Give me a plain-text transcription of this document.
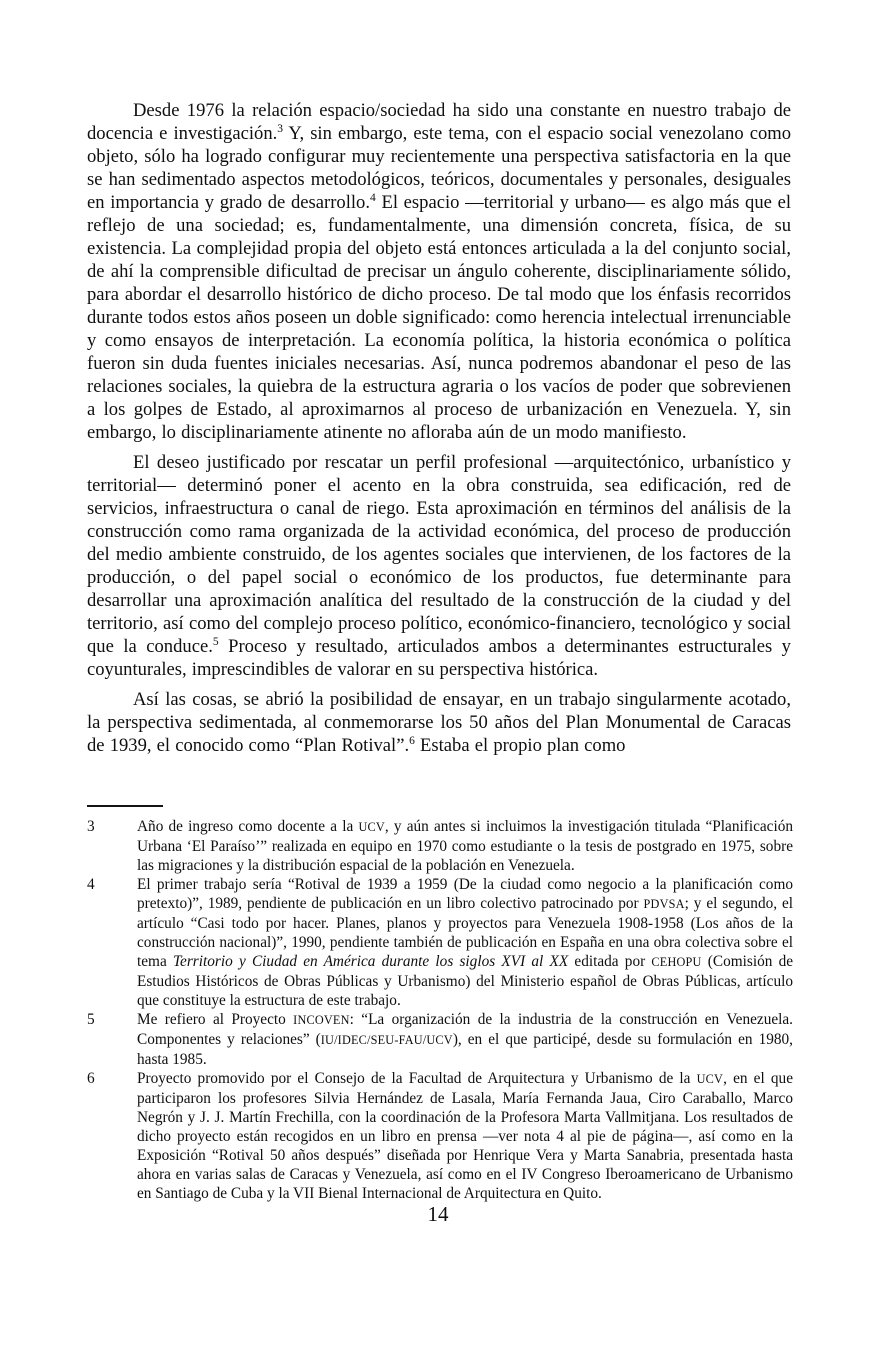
Desde 1976 la relación espacio/sociedad ha sido una constante en nuestro trabajo de docencia e investigación.$^3$ Y, sin embargo, este tema, con el espacio social venezolano como objeto, sólo ha logrado configurar muy recientemente una perspectiva satisfactoria en la que se han sedimentado aspectos metodológicos, teóricos, documentales y personales, desiguales en importancia y grado de desarrollo.$^4$ El espacio —territorial y urbano— es algo más que el reflejo de una sociedad; es, fundamentalmente, una dimensión concreta, física, de su existencia. La complejidad propia del objeto está entonces articulada a la del conjunto social, de ahí la comprensible dificultad de precisar un ángulo coherente, disciplinariamente sólido, para abordar el desarrollo histórico de dicho proceso. De tal modo que los énfasis recorridos durante todos estos años poseen un doble significado: como herencia intelectual irrenunciable y como ensayos de interpretación. La economía política, la historia económica o política fueron sin duda fuentes iniciales necesarias. Así, nunca podremos abandonar el peso de las relaciones sociales, la quiebra de la estructura agraria o los vacíos de poder que sobrevienen a los golpes de Estado, al aproximarnos al proceso de urbanización en Venezuela. Y, sin embargo, lo disciplinariamente atinente no afloraba aún de un modo manifiesto.

El deseo justificado por rescatar un perfil profesional —arquitectónico, urbanístico y territorial— determinó poner el acento en la obra construida, sea edificación, red de servicios, infraestructura o canal de riego. Esta aproximación en términos del análisis de la construcción como rama organizada de la actividad económica, del proceso de producción del medio ambiente construido, de los agentes sociales que intervienen, de los factores de la producción, o del papel social o económico de los productos, fue determinante para desarrollar una aproximación analítica del resultado de la construcción de la ciudad y del territorio, así como del complejo proceso político, económico-financiero, tecnológico y social que la conduce.$^5$ Proceso y resultado, articulados ambos a determinantes estructurales y coyunturales, imprescindibles de valorar en su perspectiva histórica.

Así las cosas, se abrió la posibilidad de ensayar, en un trabajo singularmente acotado, la perspectiva sedimentada, al conmemorarse los 50 años del Plan Monumental de Caracas de 1939, el conocido como “Plan Rotival”.$^6$ Estaba el propio plan como

3	Año de ingreso como docente a la UCV, y aún antes si incluimos la investigación titulada “Planificación Urbana ‘El Paraíso’” realizada en equipo en 1970 como estudiante o la tesis de postgrado en 1975, sobre las migraciones y la distribución espacial de la población en Venezuela.
4	El primer trabajo sería “Rotival de 1939 a 1959 (De la ciudad como negocio a la planificación como pretexto)”, 1989, pendiente de publicación en un libro colectivo patrocinado por PDVSA; y el segundo, el artículo “Casi todo por hacer. Planes, planos y proyectos para Venezuela 1908-1958 (Los años de la construcción nacional)”, 1990, pendiente también de publicación en España en una obra colectiva sobre el tema Territorio y Ciudad en América durante los siglos XVI al XX editada por CEHOPU (Comisión de Estudios Históricos de Obras Públicas y Urbanismo) del Ministerio español de Obras Públicas, artículo que constituye la estructura de este trabajo.
5	Me refiero al Proyecto INCOVEN: “La organización de la industria de la construcción en Venezuela. Componentes y relaciones” (IU/IDEC/SEU-FAU/UCV), en el que participé, desde su formulación en 1980, hasta 1985.
6	Proyecto promovido por el Consejo de la Facultad de Arquitectura y Urbanismo de la UCV, en el que participaron los profesores Silvia Hernández de Lasala, María Fernanda Jaua, Ciro Caraballo, Marco Negrón y J. J. Martín Frechilla, con la coordinación de la Profesora Marta Vallmitjana. Los resultados de dicho proyecto están recogidos en un libro en prensa —ver nota 4 al pie de página—, así como en la Exposición “Rotival 50 años después” diseñada por Henrique Vera y Marta Sanabria, presentada hasta ahora en varias salas de Caracas y Venezuela, así como en el IV Congreso Iberoamericano de Urbanismo en Santiago de Cuba y la VII Bienal Internacional de Arquitectura en Quito.
14
